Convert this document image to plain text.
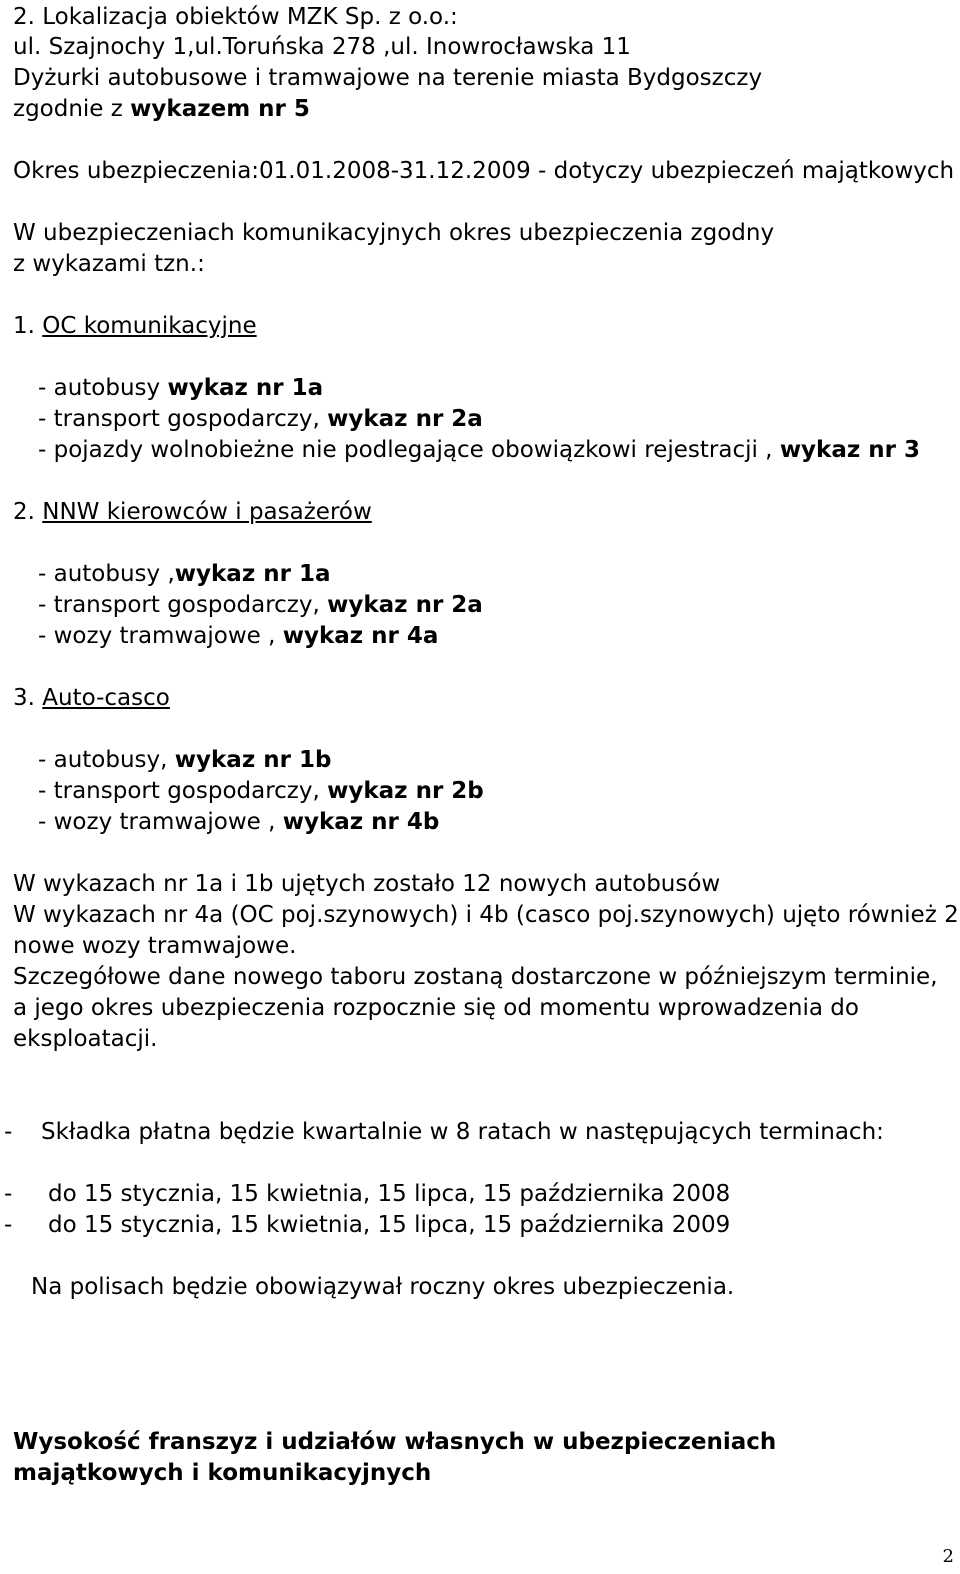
2. Lokalizacja obiektów MZK Sp. z o.o.:
ul. Szajnochy 1,ul.Toruńska 278 ,ul. Inowrocławska 11
Dyżurki autobusowe i tramwajowe na terenie miasta Bydgoszczy
zgodnie z wykazem nr 5
Okres ubezpieczenia:01.01.2008-31.12.2009 - dotyczy ubezpieczeń majątkowych
W ubezpieczeniach komunikacyjnych okres ubezpieczenia zgodny
z wykazami tzn.:
1. OC komunikacyjne
- autobusy wykaz nr 1a
- transport gospodarczy, wykaz nr 2a
- pojazdy wolnobieżne nie podlegające obowiązkowi rejestracji , wykaz nr 3
2. NNW kierowców i pasażerów
- autobusy ,wykaz nr 1a
- transport gospodarczy, wykaz nr 2a
- wozy tramwajowe , wykaz nr 4a
3. Auto-casco
- autobusy, wykaz nr 1b
- transport gospodarczy, wykaz nr 2b
- wozy tramwajowe , wykaz nr 4b
W wykazach nr 1a i 1b ujętych zostało 12 nowych autobusów
W wykazach nr 4a (OC poj.szynowych) i 4b (casco poj.szynowych) ujęto również 2
nowe wozy tramwajowe.
Szczegółowe dane nowego taboru zostaną dostarczone w późniejszym terminie,
a jego okres ubezpieczenia rozpocznie się od momentu wprowadzenia do
eksploatacji.
- Składka płatna będzie kwartalnie w 8 ratach w następujących terminach:
- do 15 stycznia, 15 kwietnia, 15 lipca, 15 października 2008
- do 15 stycznia, 15 kwietnia, 15 lipca, 15 października 2009
Na polisach będzie obowiązywał roczny okres ubezpieczenia.
Wysokość franszyz i udziałów własnych w ubezpieczeniach
majątkowych i komunikacyjnych
2
